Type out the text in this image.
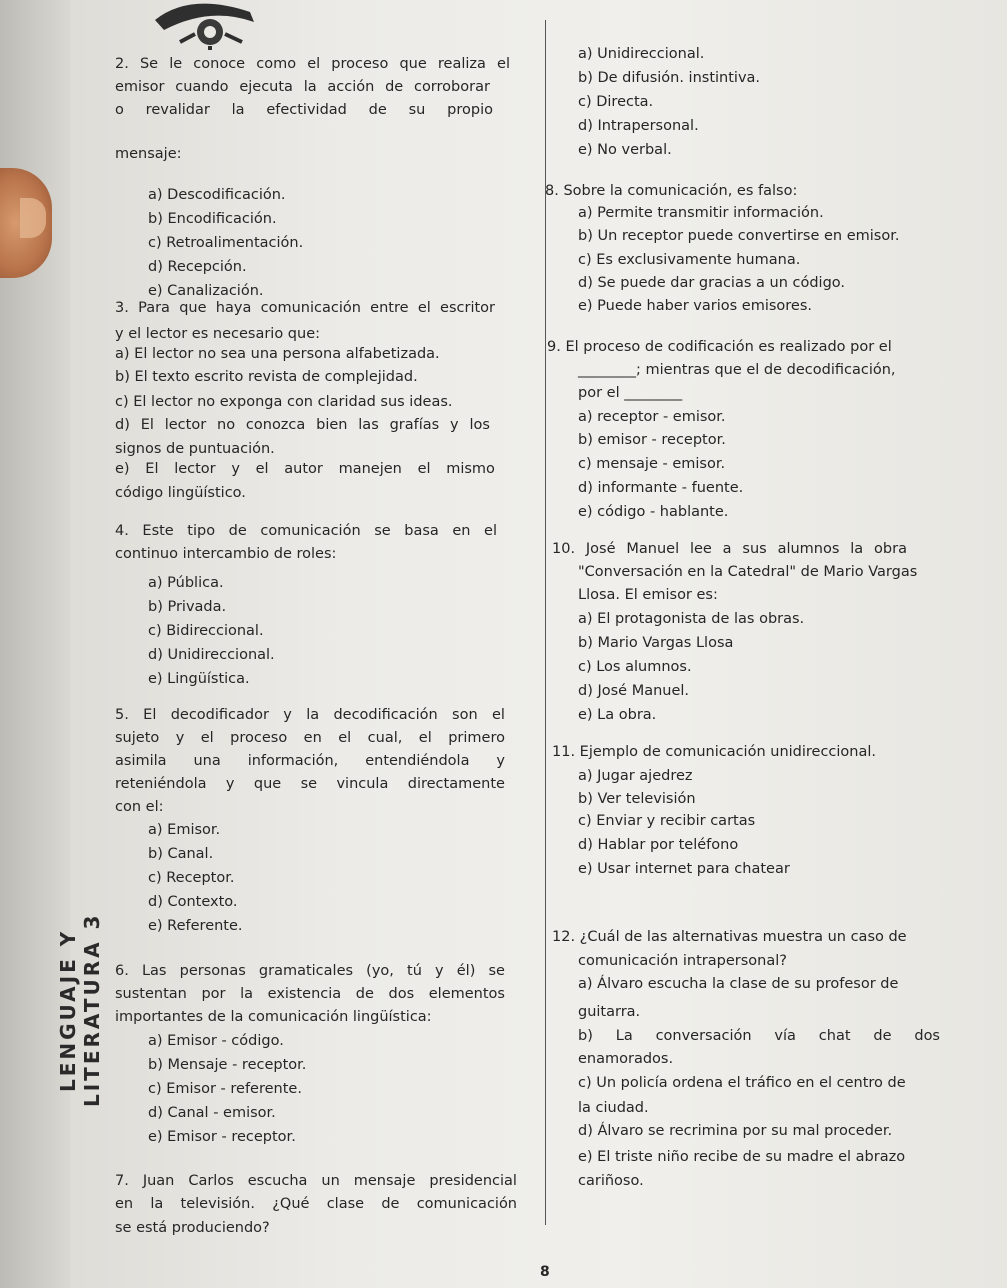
2. Se le conoce como el proceso que realiza el
emisor cuando ejecuta la acción de corroborar
o revalidar la efectividad de su propio
mensaje:
a) Descodificación.
b) Encodificación.
c) Retroalimentación.
d) Recepción.
e) Canalización.
3. Para que haya comunicación entre el escritor
y el lector es necesario que:
a) El lector no sea una persona alfabetizada.
b) El texto escrito revista de complejidad.
c) El lector no exponga con claridad sus ideas.
d) El lector no conozca bien las grafías y los
signos de puntuación.
e) El lector y el autor manejen el mismo
código lingüístico.
4. Este tipo de comunicación se basa en el
continuo intercambio de roles:
a) Pública.
b) Privada.
c) Bidireccional.
d) Unidireccional.
e) Lingüística.
5. El decodificador y la decodificación son el
sujeto y el proceso en el cual, el primero
asimila una información, entendiéndola y
reteniéndola y que se vincula directamente
con el:
a) Emisor.
b) Canal.
c) Receptor.
d) Contexto.
e) Referente.
6. Las personas gramaticales (yo, tú y él) se
sustentan por la existencia de dos elementos
importantes de la comunicación lingüística:
a) Emisor - código.
b) Mensaje - receptor.
c) Emisor - referente.
d) Canal - emisor.
e) Emisor - receptor.
7. Juan Carlos escucha un mensaje presidencial
en la televisión. ¿Qué clase de comunicación
se está produciendo?
a) Unidireccional.
b) De difusión. instintiva.
c) Directa.
d) Intrapersonal.
e) No verbal.
8. Sobre la comunicación, es falso:
a) Permite transmitir información.
b) Un receptor puede convertirse en emisor.
c) Es exclusivamente humana.
d) Se puede dar gracias a un código.
e) Puede haber varios emisores.
9. El proceso de codificación es realizado por el
________; mientras que el de decodificación,
por el ________
a) receptor - emisor.
b) emisor - receptor.
c) mensaje - emisor.
d) informante - fuente.
e) código - hablante.
10. José Manuel lee a sus alumnos la obra
"Conversación en la Catedral" de Mario Vargas
Llosa. El emisor es:
a) El protagonista de las obras.
b) Mario Vargas Llosa
c) Los alumnos.
d) José Manuel.
e) La obra.
11. Ejemplo de comunicación unidireccional.
a) Jugar ajedrez
b) Ver televisión
c) Enviar y recibir cartas
d) Hablar por teléfono
e) Usar internet para chatear
12. ¿Cuál de las alternativas muestra un caso de
comunicación intrapersonal?
a) Álvaro escucha la clase de su profesor de
guitarra.
b) La conversación vía chat de dos
enamorados.
c) Un policía ordena el tráfico en el centro de
la ciudad.
d) Álvaro se recrimina por su mal proceder.
e) El triste niño recibe de su madre el abrazo
cariñoso.
LENGUAJE Y LITERATURA 3
8
